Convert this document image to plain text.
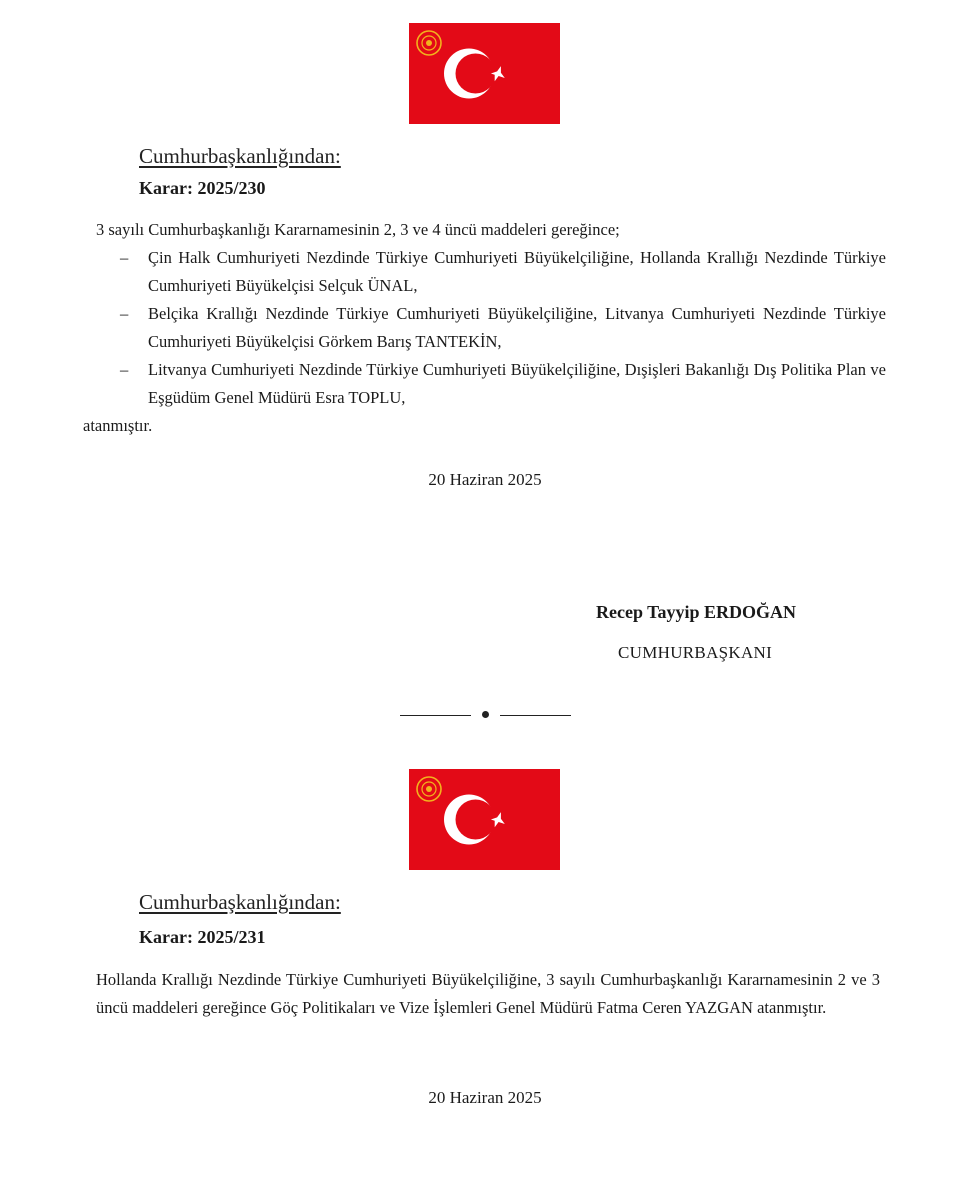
Cumhurbaşkanlığından:
Karar: 2025/230

3 sayılı Cumhurbaşkanlığı Kararnamesinin 2, 3 ve 4 üncü maddeleri gereğince;

– Çin Halk Cumhuriyeti Nezdinde Türkiye Cumhuriyeti Büyükelçiliğine, Hollanda Krallığı Nezdinde Türkiye Cumhuriyeti Büyükelçisi Selçuk ÜNAL,
– Belçika Krallığı Nezdinde Türkiye Cumhuriyeti Büyükelçiliğine, Litvanya Cumhuriyeti Nezdinde Türkiye Cumhuriyeti Büyükelçisi Görkem Barış TANTEKİN,
– Litvanya Cumhuriyeti Nezdinde Türkiye Cumhuriyeti Büyükelçiliğine, Dışişleri Bakanlığı Dış Politika Plan ve Eşgüdüm Genel Müdürü Esra TOPLU,

atanmıştır.

20 Haziran 2025
Recep Tayyip ERDOĞAN
CUMHURBAŞKANI
Cumhurbaşkanlığından:
Karar: 2025/231

Hollanda Krallığı Nezdinde Türkiye Cumhuriyeti Büyükelçiliğine, 3 sayılı Cumhurbaşkanlığı Kararnamesinin 2 ve 3 üncü maddeleri gereğince Göç Politikaları ve Vize İşlemleri Genel Müdürü Fatma Ceren YAZGAN atanmıştır.

20 Haziran 2025
